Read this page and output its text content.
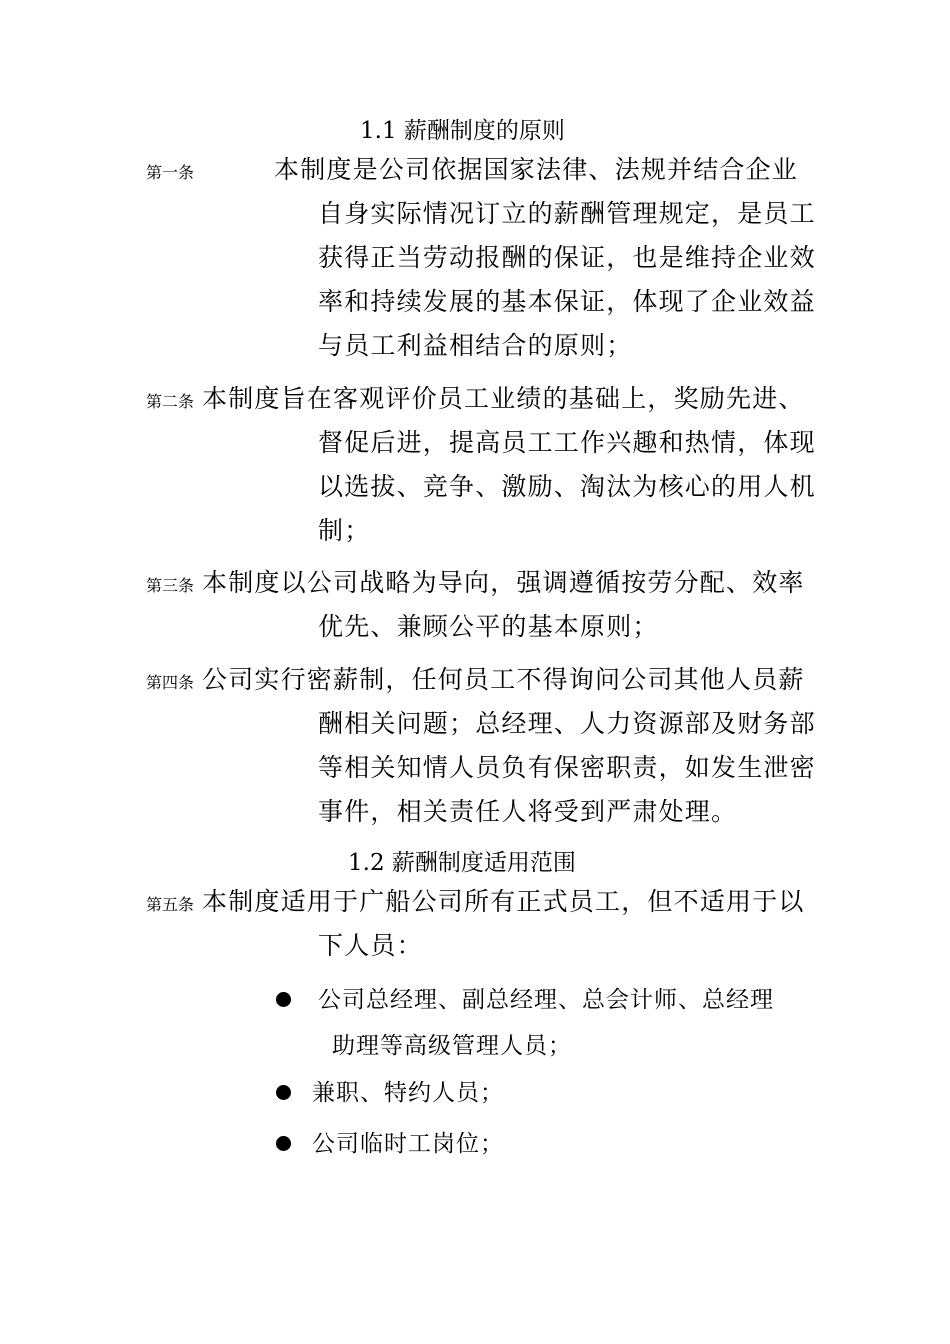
1.1 薪酬制度的原则
第一条	本制度是公司依据国家法律、法规并结合企业
自身实际情况订立的薪酬管理规定，是员工
获得正当劳动报酬的保证，也是维持企业效
率和持续发展的基本保证，体现了企业效益
与员工利益相结合的原则；
第二条 本制度旨在客观评价员工业绩的基础上，奖励先进、
督促后进，提高员工工作兴趣和热情，体现
以选拔、竞争、激励、淘汰为核心的用人机
制；
第三条 本制度以公司战略为导向，强调遵循按劳分配、效率
优先、兼顾公平的基本原则；
第四条 公司实行密薪制，任何员工不得询问公司其他人员薪
酬相关问题；总经理、人力资源部及财务部
等相关知情人员负有保密职责，如发生泄密
事件，相关责任人将受到严肃处理。
1.2 薪酬制度适用范围
第五条 本制度适用于广船公司所有正式员工，但不适用于以
下人员：
公司总经理、副总经理、总会计师、总经理
助理等高级管理人员；
兼职、特约人员；
公司临时工岗位；
